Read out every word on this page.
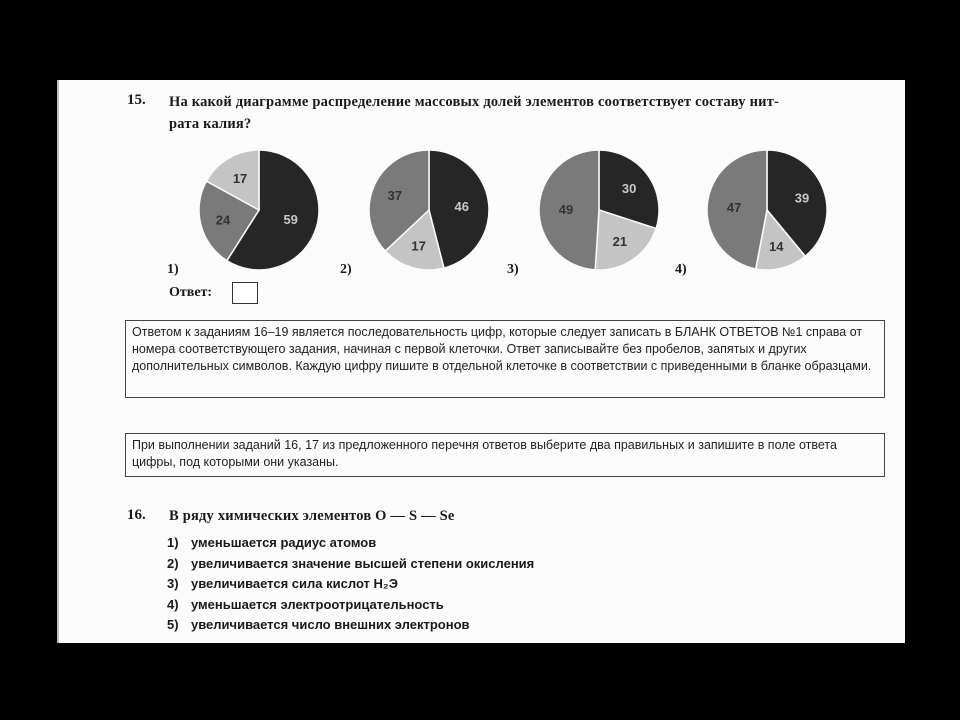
15. На какой диаграмме распределение массовых долей элементов соответствует составу нит-
рата калия?
59
24
17
46
17
37	30
21
49
39
14
47
1)	2)	3)	4)
Ответ:
Ответом к заданиям 16–19 является последовательность цифр, которые следует записать в БЛАНК ОТВЕТОВ №1 справа от номера соответствующего задания, начиная с первой клеточки. Ответ записывайте без пробелов, запятых и других дополнительных символов. Каждую цифру пишите в отдельной клеточке в соответствии с приведенными в бланке образцами.
При выполнении заданий 16, 17 из предложенного перечня ответов выберите два правильных и запишите в поле ответа цифры, под которыми они указаны.
16. В ряду химических элементов O — S — Se
1) уменьшается радиус атомов
2) увеличивается значение высшей степени окисления
3) увеличивается сила кислот H₂Э
4) уменьшается электроотрицательность
5) увеличивается число внешних электронов
